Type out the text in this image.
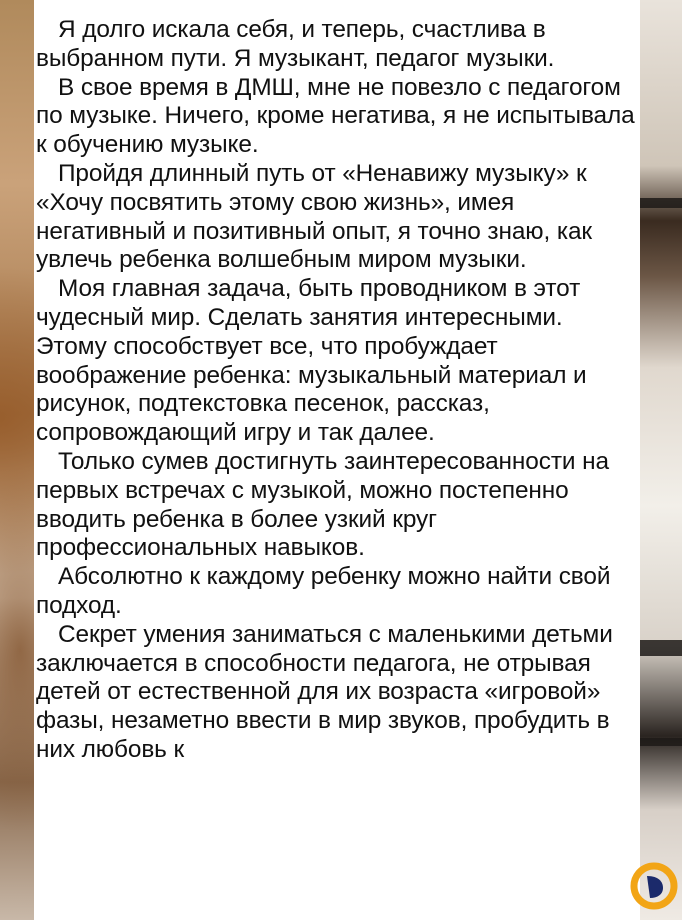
Я долго искала себя, и теперь, счастлива в выбранном пути. Я музыкант, педагог музыки.

В свое время в ДМШ, мне не повезло с педагогом по музыке. Ничего, кроме негатива, я не испытывала к обучению музыке.

Пройдя длинный путь от «Ненавижу музыку» к «Хочу посвятить этому свою жизнь», имея негативный и позитивный опыт, я точно знаю, как увлечь ребенка волшебным миром музыки.

Моя главная задача, быть проводником в этот чудесный мир. Сделать занятия интересными. Этому способствует все, что пробуждает воображение ребенка: музыкальный материал и рисунок, подтекстовка песенок, рассказ, сопровождающий игру и так далее.

Только сумев достигнуть заинтересованности на первых встречах с музыкой, можно постепенно вводить ребенка в более узкий круг профессиональных навыков.

Абсолютно к каждому ребенку можно найти свой подход.

Секрет умения заниматься с маленькими детьми заключается в способности педагога, не отрывая детей от естественной для их возраста «игровой» фазы, незаметно ввести в мир звуков, пробудить в них любовь к
